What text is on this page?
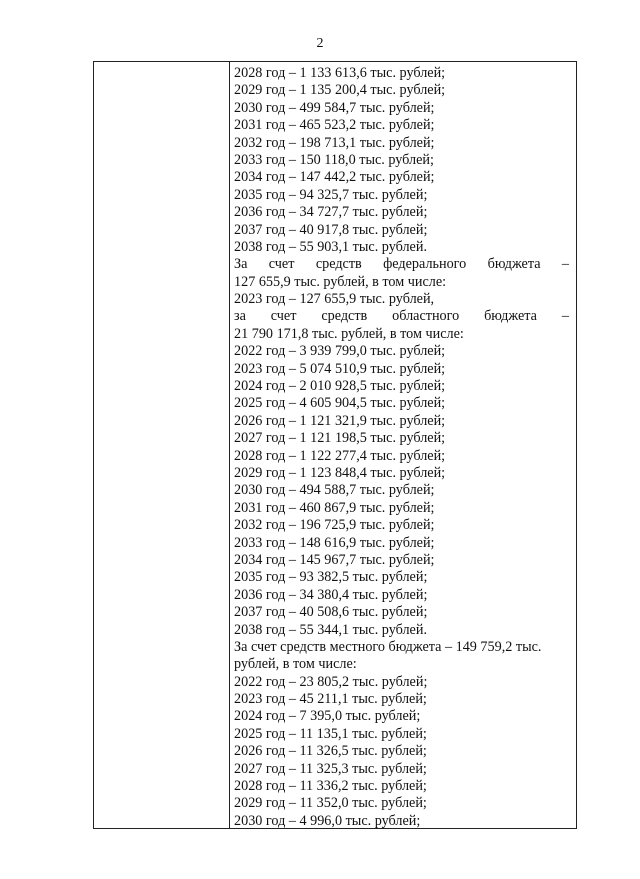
2
2028 год – 1 133 613,6 тыс. рублей;
2029 год – 1 135 200,4 тыс. рублей;
2030 год – 499 584,7 тыс. рублей;
2031 год – 465 523,2 тыс. рублей;
2032 год – 198 713,1 тыс. рублей;
2033 год – 150 118,0 тыс. рублей;
2034 год – 147 442,2 тыс. рублей;
2035 год – 94 325,7 тыс. рублей;
2036 год – 34 727,7 тыс. рублей;
2037 год – 40 917,8 тыс. рублей;
2038 год – 55 903,1 тыс. рублей.
За счет средств федерального бюджета –
127 655,9 тыс. рублей, в том числе:
2023 год – 127 655,9 тыс. рублей,
за счет средств областного бюджета –
21 790 171,8 тыс. рублей, в том числе:
2022 год – 3 939 799,0 тыс. рублей;
2023 год – 5 074 510,9 тыс. рублей;
2024 год – 2 010 928,5 тыс. рублей;
2025 год – 4 605 904,5 тыс. рублей;
2026 год – 1 121 321,9 тыс. рублей;
2027 год – 1 121 198,5 тыс. рублей;
2028 год – 1 122 277,4 тыс. рублей;
2029 год – 1 123 848,4 тыс. рублей;
2030 год – 494 588,7 тыс. рублей;
2031 год – 460 867,9 тыс. рублей;
2032 год – 196 725,9 тыс. рублей;
2033 год – 148 616,9 тыс. рублей;
2034 год – 145 967,7 тыс. рублей;
2035 год – 93 382,5 тыс. рублей;
2036 год – 34 380,4 тыс. рублей;
2037 год – 40 508,6 тыс. рублей;
2038 год – 55 344,1 тыс. рублей.
За счет средств местного бюджета – 149 759,2 тыс.
рублей, в том числе:
2022 год – 23 805,2 тыс. рублей;
2023 год – 45 211,1 тыс. рублей;
2024 год – 7 395,0 тыс. рублей;
2025 год – 11 135,1 тыс. рублей;
2026 год – 11 326,5 тыс. рублей;
2027 год – 11 325,3 тыс. рублей;
2028 год – 11 336,2 тыс. рублей;
2029 год – 11 352,0 тыс. рублей;
2030 год – 4 996,0 тыс. рублей;
